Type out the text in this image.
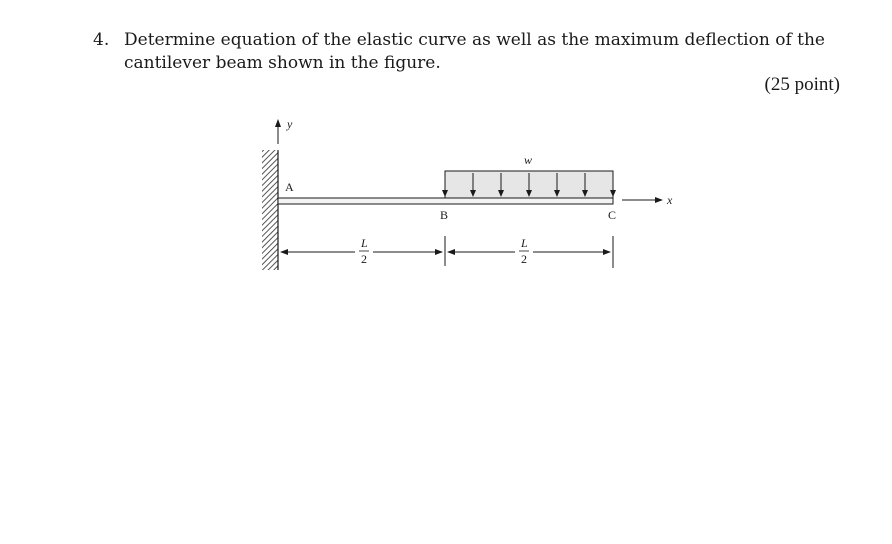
4. Determine equation of the elastic curve as well as the maximum deflection of the
cantilever beam shown in the figure.
(25 point)
y
A
B	C
w
x
L
2
L
2
